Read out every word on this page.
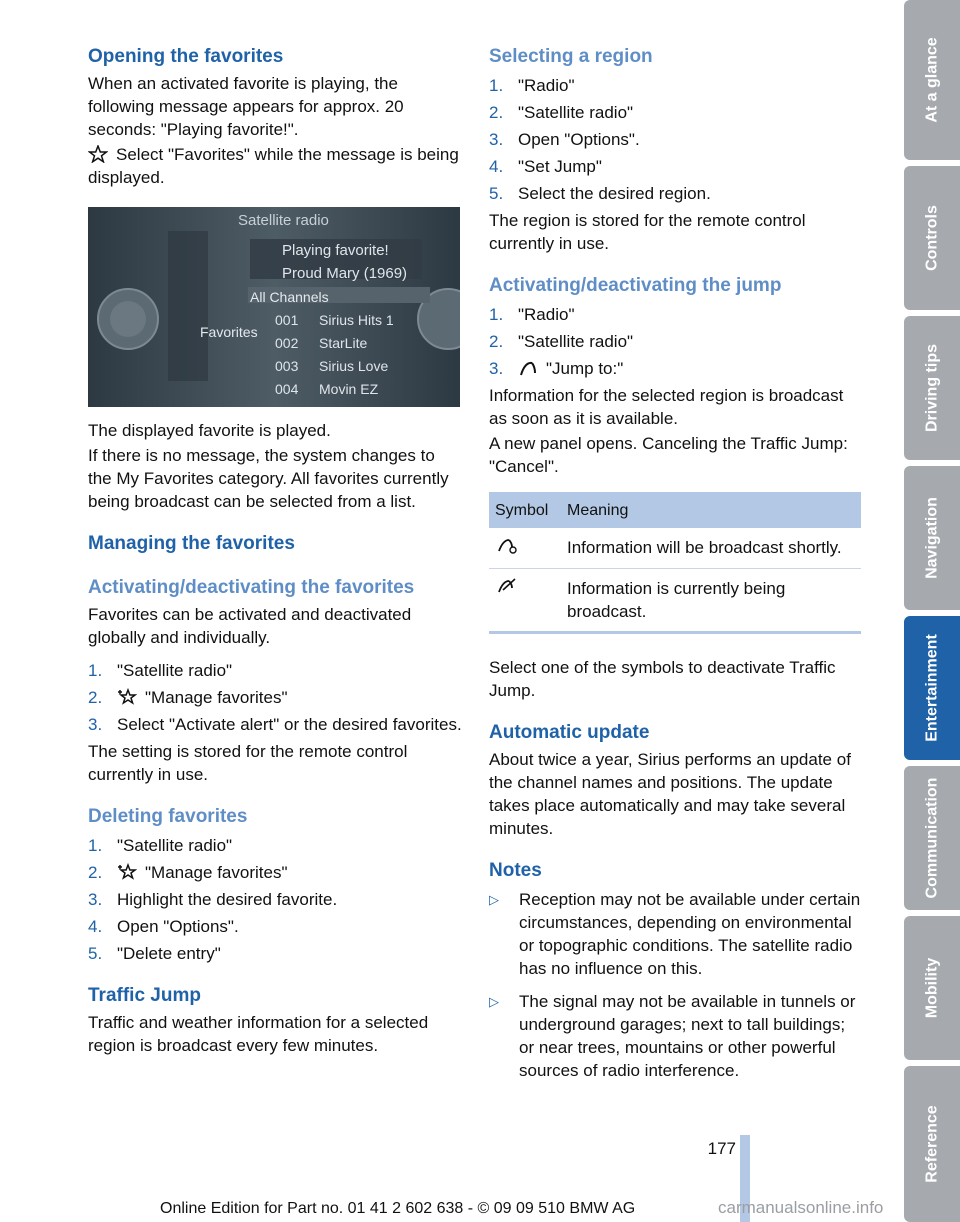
Opening the favorites

When an activated favorite is playing, the following message appears for approx. 20 seconds: "Playing favorite!".

Select "Favorites" while the message is being displayed.

Satellite radio
Playing favorite!
Proud Mary (1969)
All Channels
Favorites
001 Sirius Hits 1
002 StarLite
003 Sirius Love
004 Movin EZ

The displayed favorite is played.

If there is no message, the system changes to the My Favorites category. All favorites currently being broadcast can be selected from a list.

Managing the favorites
Activating/deactivating the favorites

Favorites can be activated and deactivated globally and individually.

1. "Satellite radio"
2.	"Manage favorites"
3. Select "Activate alert" or the desired favorites.

The setting is stored for the remote control currently in use.

Deleting favorites
1. "Satellite radio"
2.	"Manage favorites"
3. Highlight the desired favorite.
4. Open "Options".
5. "Delete entry"
Traffic Jump

Traffic and weather information for a selected region is broadcast every few minutes.

Selecting a region
1. "Radio"
2. "Satellite radio"
3. Open "Options".
4. "Set Jump"
5. Select the desired region.

The region is stored for the remote control currently in use.

Activating/deactivating the jump
1. "Radio"
2. "Satellite radio"
3.	"Jump to:"

Information for the selected region is broadcast as soon as it is available.

A new panel opens. Canceling the Traffic Jump: "Cancel".

Symbol	Meaning
	Information will be broadcast shortly.
	Information is currently being broadcast.

Select one of the symbols to deactivate Traffic Jump.

Automatic update

About twice a year, Sirius performs an update of the channel names and positions. The update takes place automatically and may take several minutes.

Notes
▷	Reception may not be available under certain circumstances, depending on environmental or topographic conditions. The satellite radio has no influence on this.
▷	The signal may not be available in tunnels or underground garages; next to tall buildings; or near trees, mountains or other powerful sources of radio interference.
At a glance
Controls
Driving tips
Navigation
Entertainment
Communication
Mobility
Reference
177
Online Edition for Part no. 01 41 2 602 638 - © 09 09 510 BMW AG	carmanualsonline.info
